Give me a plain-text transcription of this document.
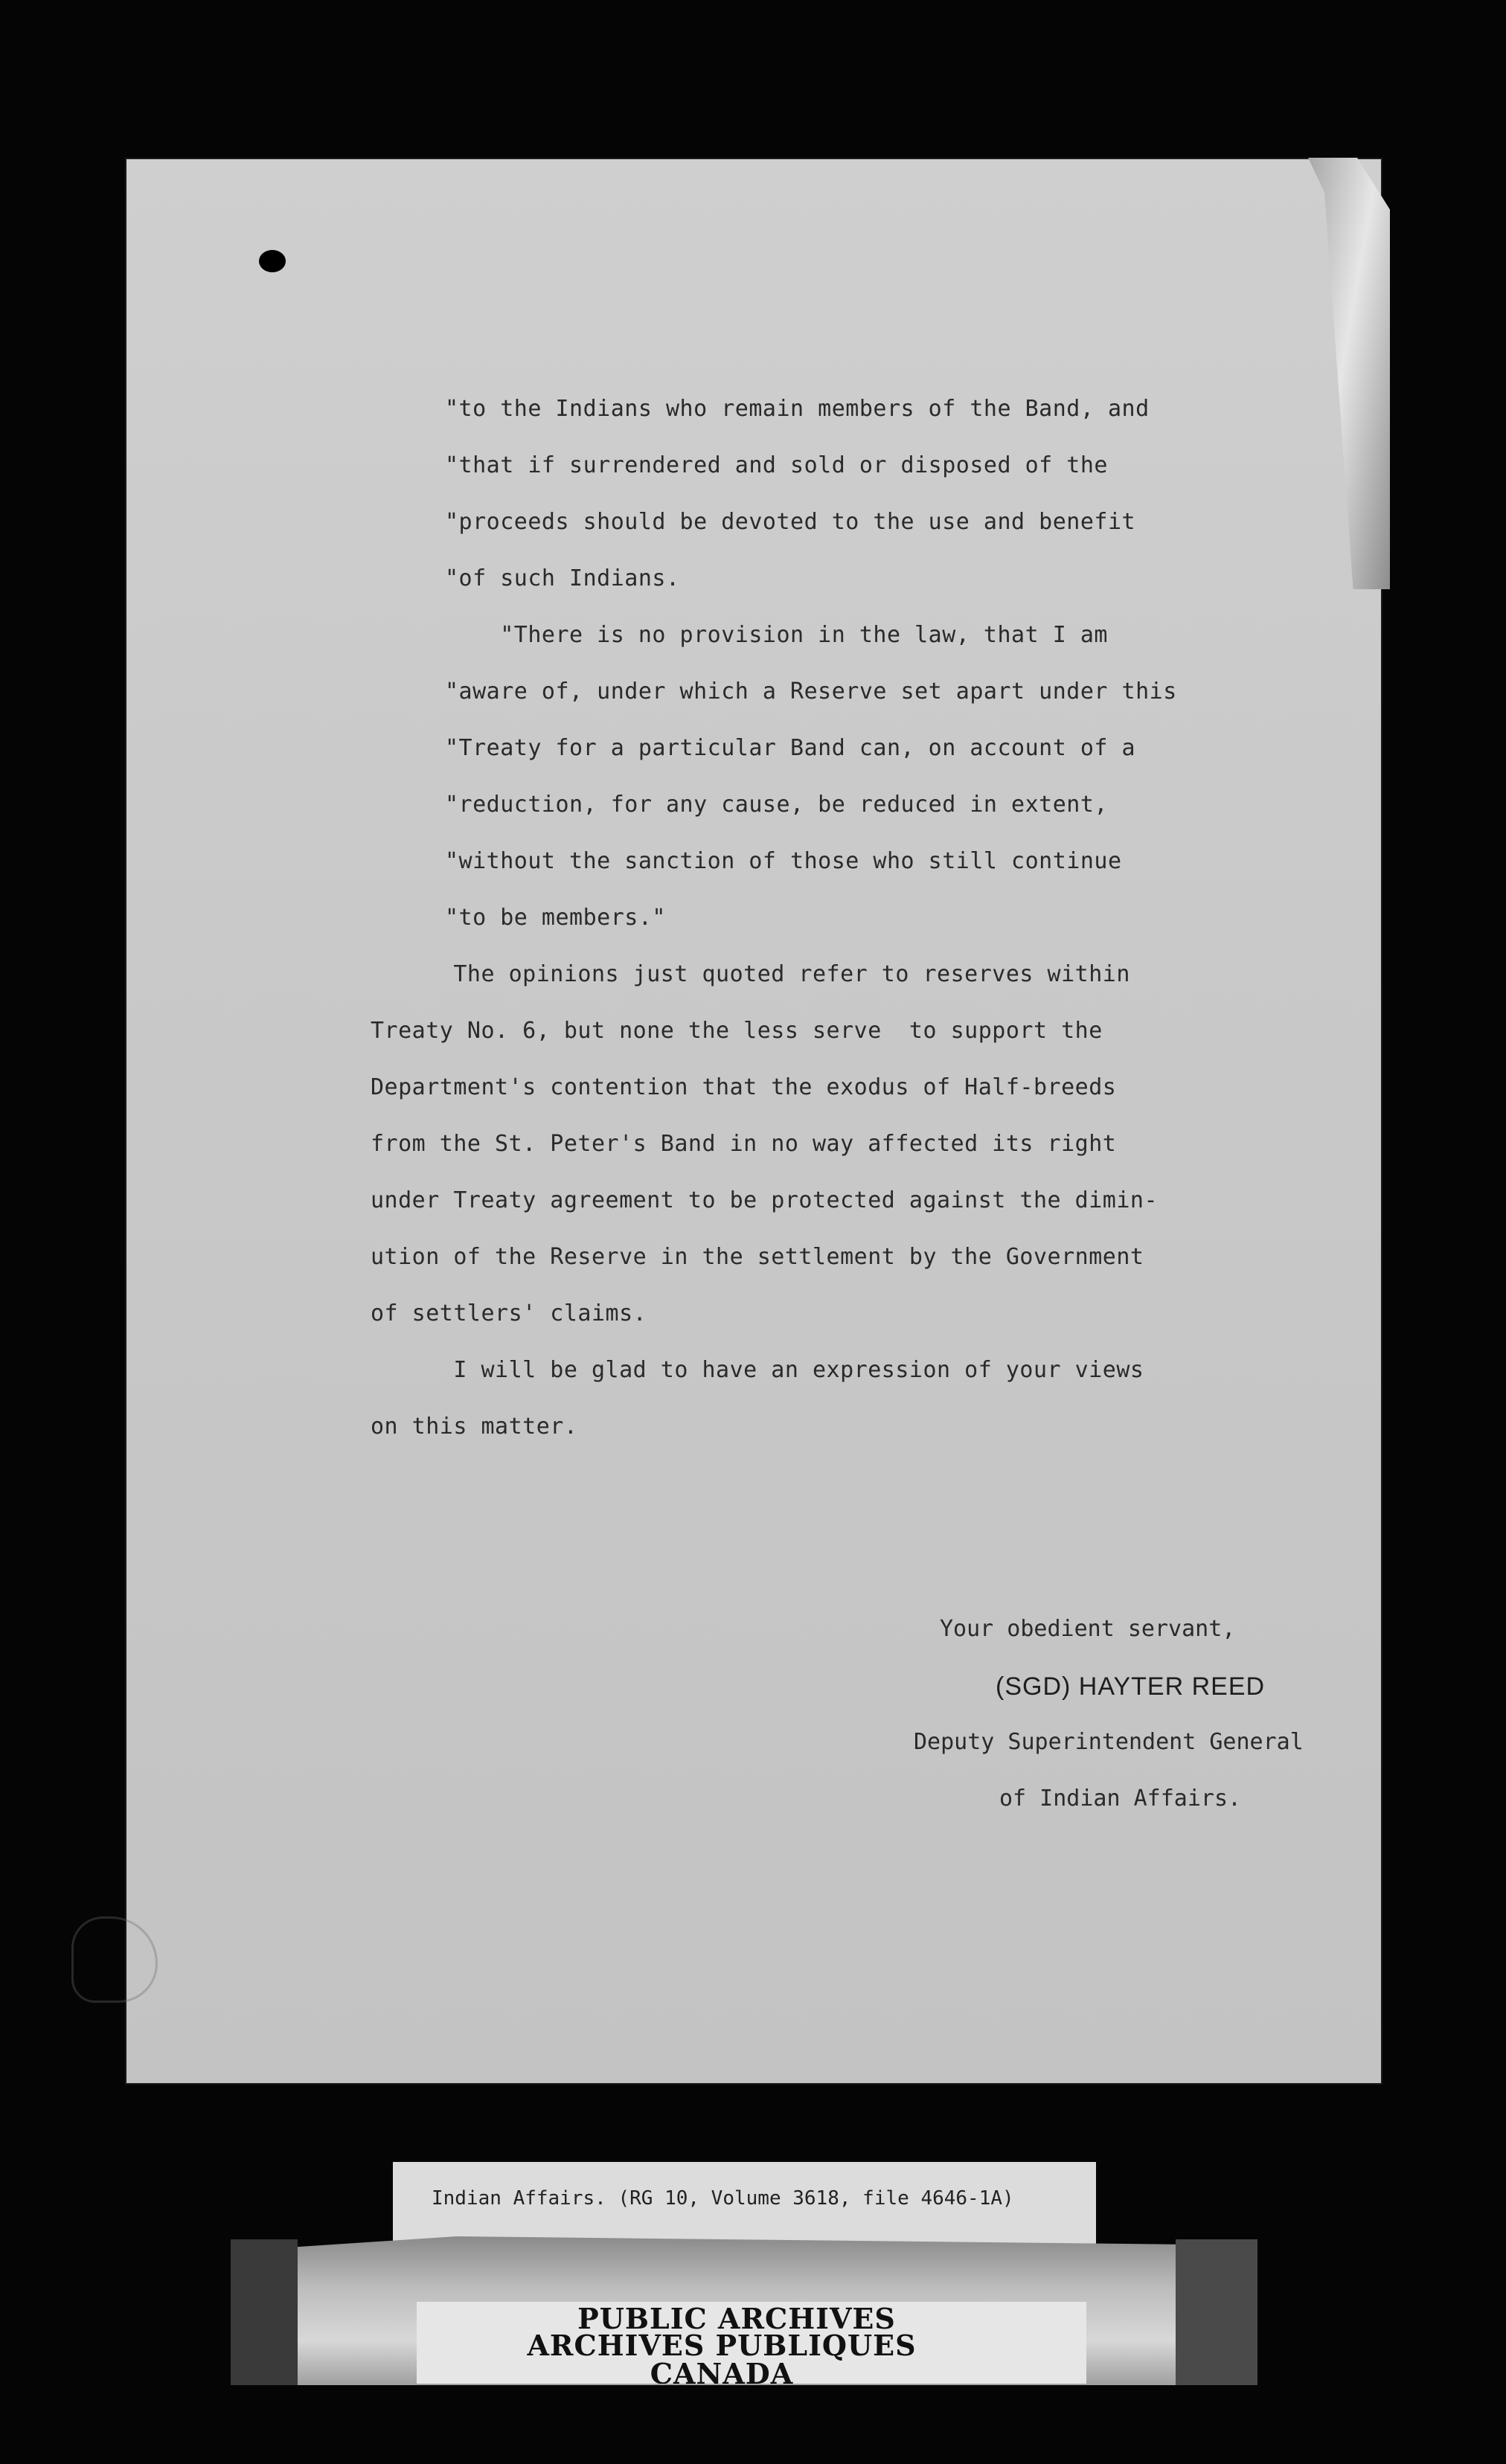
"to the Indians who remain members of the Band, and
"that if surrendered and sold or disposed of the
"proceeds should be devoted to the use and benefit
"of such Indians.
"There is no provision in the law, that I am
"aware of, under which a Reserve set apart under this
"Treaty for a particular Band can, on account of a
"reduction, for any cause, be reduced in extent,
"without the sanction of those who still continue
"to be members."
The opinions just quoted refer to reserves within
Treaty No. 6, but none the less serve  to support the
Department's contention that the exodus of Half-breeds
from the St. Peter's Band in no way affected its right
under Treaty agreement to be protected against the dimin-
ution of the Reserve in the settlement by the Government
of settlers' claims.
I will be glad to have an expression of your views
on this matter.
Your obedient servant,
(SGD) HAYTER REED
Deputy Superintendent General
of Indian Affairs.
Indian Affairs. (RG 10, Volume 3618, file 4646-1A)
PUBLIC ARCHIVES
ARCHIVES PUBLIQUES
CANADA
